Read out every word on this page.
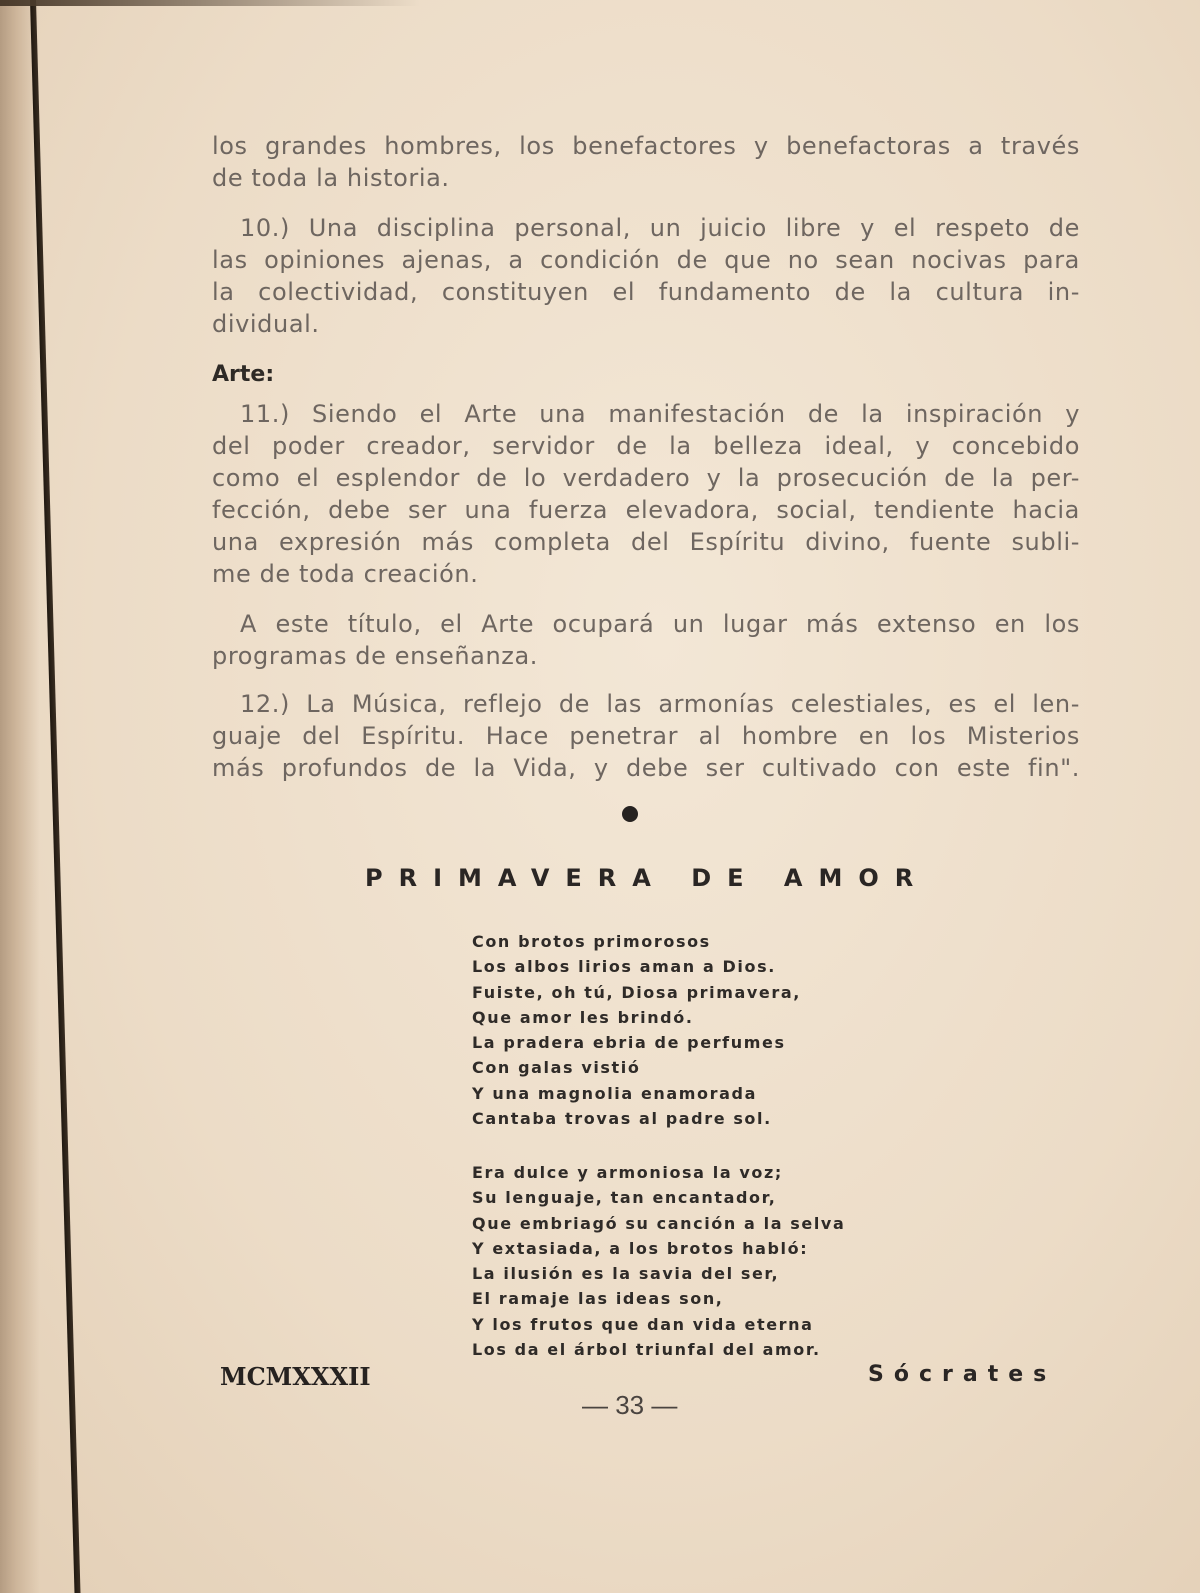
los grandes hombres, los benefactores y benefactoras a través
de toda la historia.

10.) Una disciplina personal, un juicio libre y el respeto de
las opiniones ajenas, a condición de que no sean nocivas para
la colectividad, constituyen el fundamento de la cultura in-
dividual.

Arte:

11.) Siendo el Arte una manifestación de la inspiración y
del poder creador, servidor de la belleza ideal, y concebido
como el esplendor de lo verdadero y la prosecución de la per-
fección, debe ser una fuerza elevadora, social, tendiente hacia
una expresión más completa del Espíritu divino, fuente subli-
me de toda creación.

A este título, el Arte ocupará un lugar más extenso en los
programas de enseñanza.

12.) La Música, reflejo de las armonías celestiales, es el len-
guaje del Espíritu. Hace penetrar al hombre en los Misterios
más profundos de la Vida, y debe ser cultivado con este fin".

PRIMAVERA DE AMOR
Con brotos primorosos
Los albos lirios aman a Dios.
Fuiste, oh tú, Diosa primavera,
Que amor les brindó.
La pradera ebria de perfumes
Con galas vistió
Y una magnolia enamorada
Cantaba trovas al padre sol.
Era dulce y armoniosa la voz;
Su lenguaje, tan encantador,
Que embriagó su canción a la selva
Y extasiada, a los brotos habló:
La ilusión es la savia del ser,
El ramaje las ideas son,
Y los frutos que dan vida eterna
Los da el árbol triunfal del amor.

MCMXXXII	Sócrates

— 33 —
